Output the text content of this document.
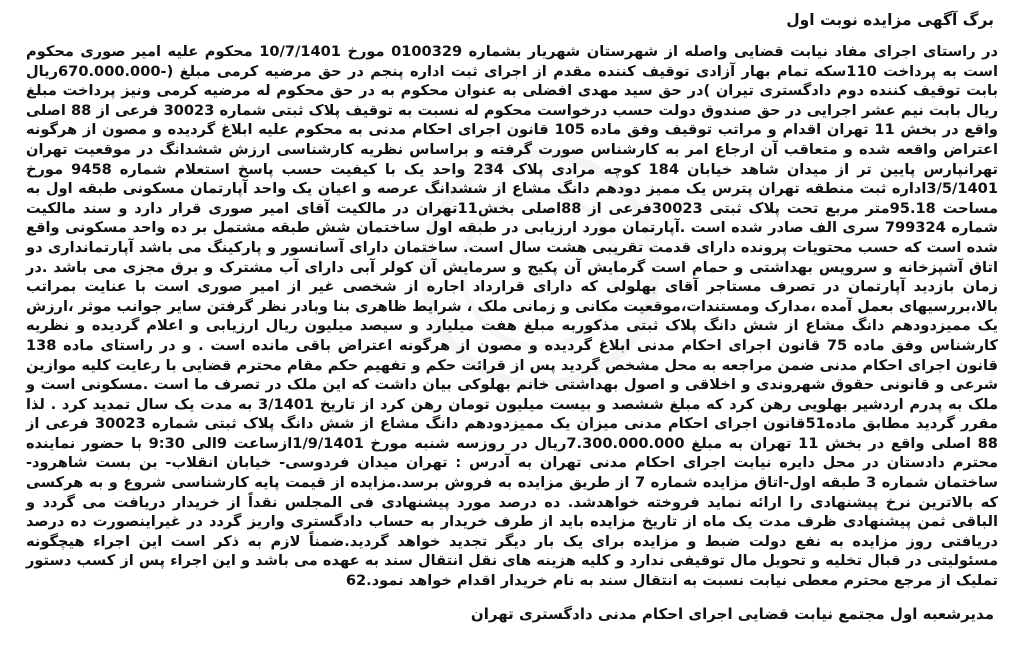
برگ آگهی مزایده نوبت اول

در راستای اجرای مفاد نیابت قضایی واصله از شهرستان شهریار بشماره 0100329 مورخ 10/7/1401 محکوم علیه امیر صوری محکوم است به پرداخت 110سکه تمام بهار آزادی توقیف کننده مقدم از اجرای ثبت اداره پنجم در حق مرضیه کرمی مبلغ (-670.000.000ریال بابت توقیف کننده دوم دادگستری تیران )در حق سید مهدی افضلی به عنوان محکوم به در حق محکوم له مرضیه کرمی ونیز پرداخت مبلغ ریال بابت نیم عشر اجرایی در حق صندوق دولت حسب درخواست محکوم له نسبت به توقیف پلاک ثبتی شماره 30023 فرعی از 88 اصلی واقع در بخش 11 تهران اقدام و مراتب توقیف وفق ماده 105 قانون اجرای احکام مدنی به محکوم علیه ابلاغ گردیده و مصون از هرگونه اعتراض واقعه شده و متعاقب آن ارجاع امر به کارشناس صورت گرفته و براساس نظریه کارشناسی ارزش ششدانگ در موقعیت تهران تهرانپارس پایین تر از میدان شاهد خیابان 184 کوچه مرادی پلاک 234 واحد یک با کیفیت حسب پاسخ استعلام شماره 9458 مورخ 3/5/1401اداره ثبت منطقه تهران پترس یک ممیز دودهم دانگ مشاع از ششدانگ عرصه و اعیان یک واحد آپارتمان مسکونی طبقه اول به مساحت 95.18متر مربع تحت پلاک ثبتی 30023فرعی از 88اصلی بخش11تهران در مالکیت آقای امیر صوری قرار دارد و سند مالکیت شماره 799324 سری الف صادر شده است .آپارتمان مورد ارزیابی در طبقه اول ساختمان شش طبقه مشتمل بر ده واحد مسکونی واقع شده است که حسب محتویات پرونده دارای قدمت تقریبی هشت سال است. ساختمان دارای آسانسور و پارکینگ می باشد آپارتمانداری دو اتاق آشپزخانه و سرویس بهداشتی و حمام است گرمایش آن پکیج و سرمایش آن کولر آبی دارای آب مشترک و برق مجزی می باشد .در زمان بازدید آپارتمان در تصرف مستاجر آقای بهلولی که دارای قرارداد اجاره از شخصی غیر از امیر صوری است با عنایت بمراتب بالا،بررسیهای بعمل آمده ،مدارک ومستندات،موقعیت مکانی و زمانی ملک ، شرایط ظاهری بنا وبادر نظر گرفتن سایر جوانب موثر ،ارزش یک ممیزدودهم دانگ مشاع از شش دانگ پلاک ثبتی مذکوربه مبلغ هفت میلیارد و سیصد میلیون ریال ارزیابی و اعلام گردیده و نظریه کارشناس وفق ماده 75 قانون اجرای احکام مدنی ابلاغ گردیده و مصون از هرگونه اعتراض باقی مانده است . و در راستای ماده 138 قانون اجرای احکام مدنی ضمن مراجعه به محل مشخص گردید پس از قرائت حکم و تفهیم حکم مقام محترم قضایی با رعایت کلیه موازین شرعی و قانونی حقوق شهروندی و اخلاقی و اصول بهداشتی خانم بهلوکی بیان داشت که این ملک در تصرف ما است .مسکونی است و ملک به پدرم اردشیر بهلویی رهن کرد که مبلغ ششصد و بیست میلیون تومان رهن کرد از تاریخ 3/1401 به مدت یک سال تمدید کرد . لذا مقرر گردید مطابق ماده51قانون اجرای احکام مدنی میزان یک ممیزدودهم دانگ مشاع از شش دانگ پلاک ثبتی شماره 30023 فرعی از 88 اصلی واقع در بخش 11 تهران به مبلغ 7.300.000.000ریال در روزسه شنبه مورخ 1/9/1401ازساعت 9الی 9:30 با حضور نماینده محترم دادستان در محل دایره نیابت اجرای احکام مدنی تهران به آدرس : تهران میدان فردوسی- خیابان انقلاب- بن بست شاهرود- ساختمان شماره 3 طبقه اول-اتاق مزایده شماره 7 از طریق مزایده به فروش برسد.مزایده از قیمت پایه کارشناسی شروع و به هرکسی که بالاترین نرخ پیشنهادی را ارائه نماید فروخته خواهدشد. ده درصد مورد پیشنهادی فی المجلس نقداً از خریدار دریافت می گردد و الباقی ثمن پیشنهادی ظرف مدت یک ماه از تاریخ مزایده باید از طرف خریدار به حساب دادگستری واریز گردد در غیراینصورت ده درصد دریافتی روز مزایده به نفع دولت ضبط و مزایده برای یک بار دیگر تجدید خواهد گردید.ضمناً لازم به ذکر است این اجراء هیچگونه مسئولیتی در قبال تخلیه و تحویل مال توقیفی ندارد و کلیه هزینه های نقل انتقال سند به عهده می باشد و این اجراء پس از کسب دستور تملیک از مرجع محترم معطی نیابت نسبت به انتقال سند به نام خریدار اقدام خواهد نمود.62

مدیرشعبه اول مجتمع نیابت قضایی اجرای احکام مدنی دادگستری تهران
